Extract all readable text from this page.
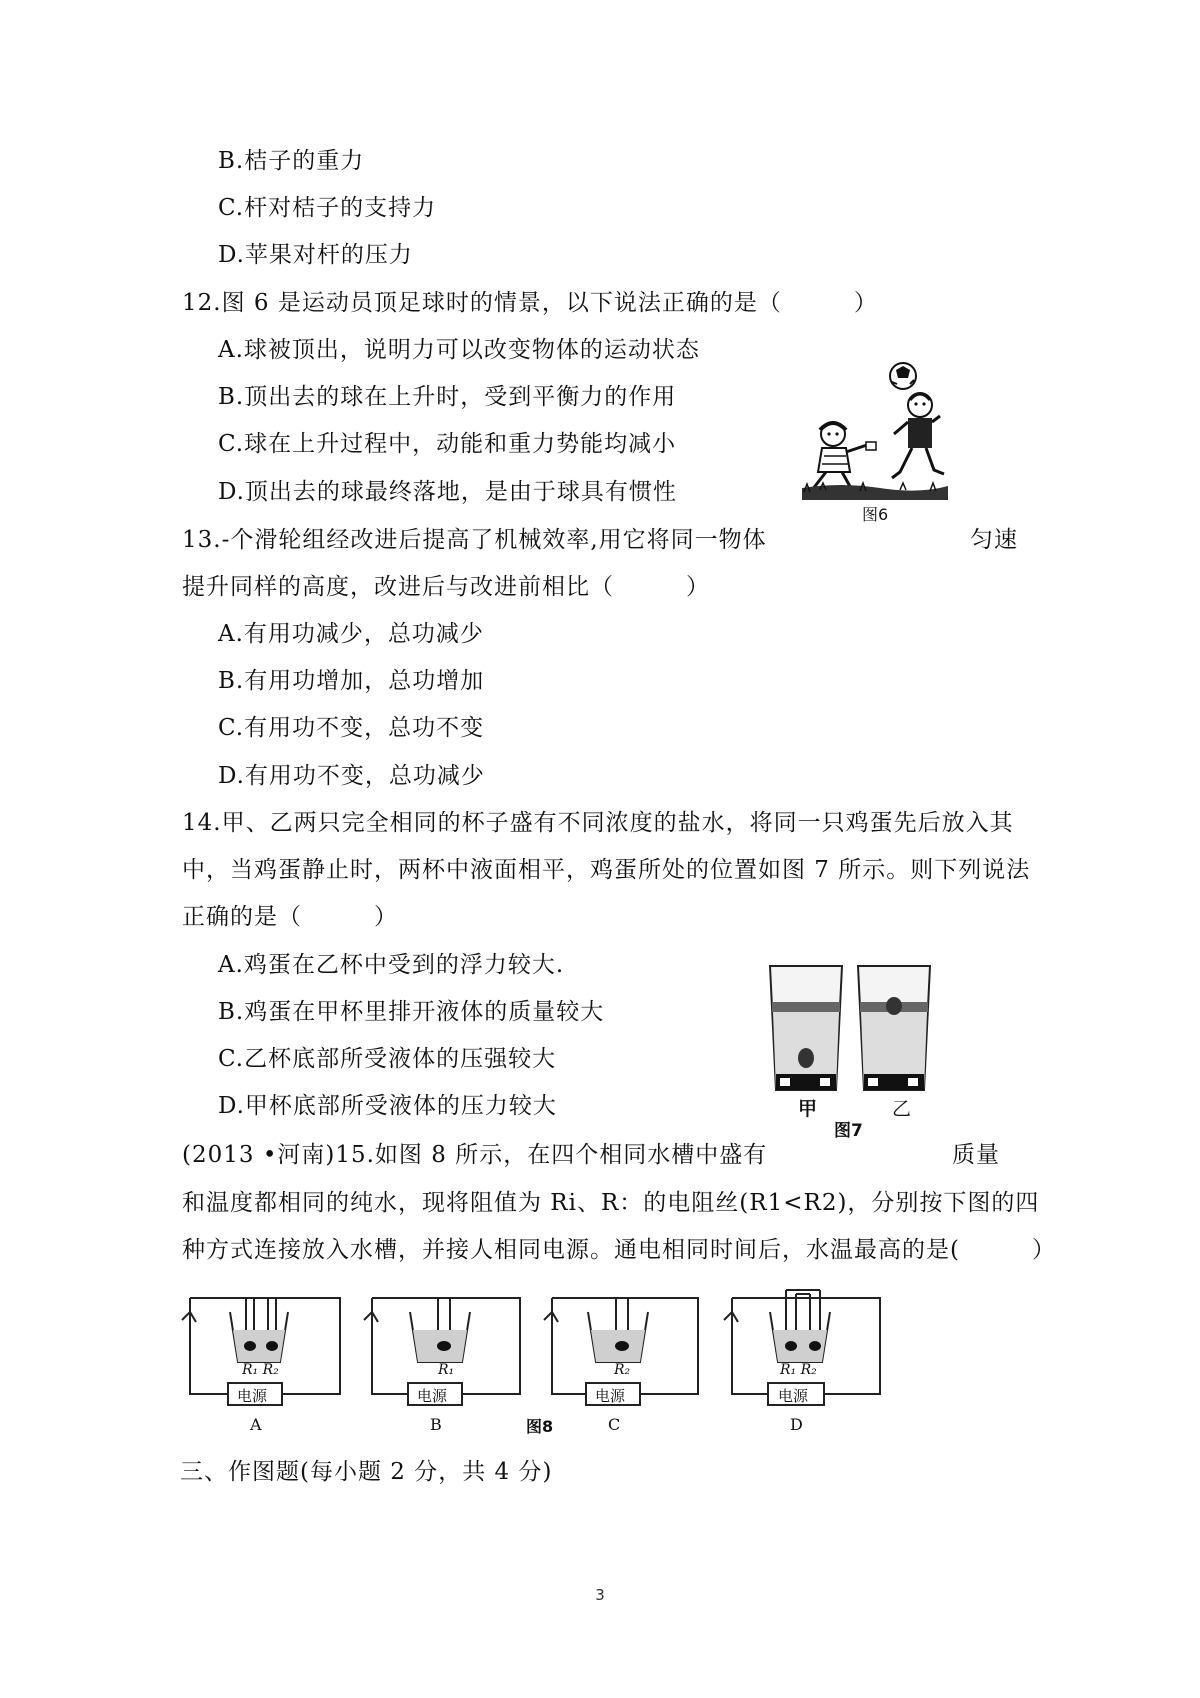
B.桔子的重力
C.杆对桔子的支持力
D.苹果对杆的压力
12.图 6 是运动员顶足球时的情景，以下说法正确的是（　　　）
A.球被顶出，说明力可以改变物体的运动状态
B.顶出去的球在上升时，受到平衡力的作用
C.球在上升过程中，动能和重力势能均减小
D.顶出去的球最终落地，是由于球具有惯性
图6
13.-个滑轮组经改进后提高了机械效率,用它将同一物体	匀速
提升同样的高度，改进后与改进前相比（　　　）
A.有用功减少，总功减少
B.有用功增加，总功增加
C.有用功不变，总功不变
D.有用功不变，总功减少
14.甲、乙两只完全相同的杯子盛有不同浓度的盐水，将同一只鸡蛋先后放入其
中，当鸡蛋静止时，两杯中液面相平，鸡蛋所处的位置如图 7 所示。则下列说法
正确的是（　　　）
A.鸡蛋在乙杯中受到的浮力较大.
B.鸡蛋在甲杯里排开液体的质量较大
C.乙杯底部所受液体的压强较大
D.甲杯底部所受液体的压力较大	甲	乙
图7
(2013 •河南)15.如图 8 所示，在四个相同水槽中盛有	质量
和温度都相同的纯水，现将阻值为 Ri、R：的电阻丝(R1<R2)，分别按下图的四
种方式连接放入水槽，并接人相同电源。通电相同时间后，水温最高的是(　　　）
R₁ R₂	R₁	R₂	R₁ R₂
电源	电源	电源	电源
A	B	C	D
图8
三、作图题(每小题 2 分，共 4 分)
3
